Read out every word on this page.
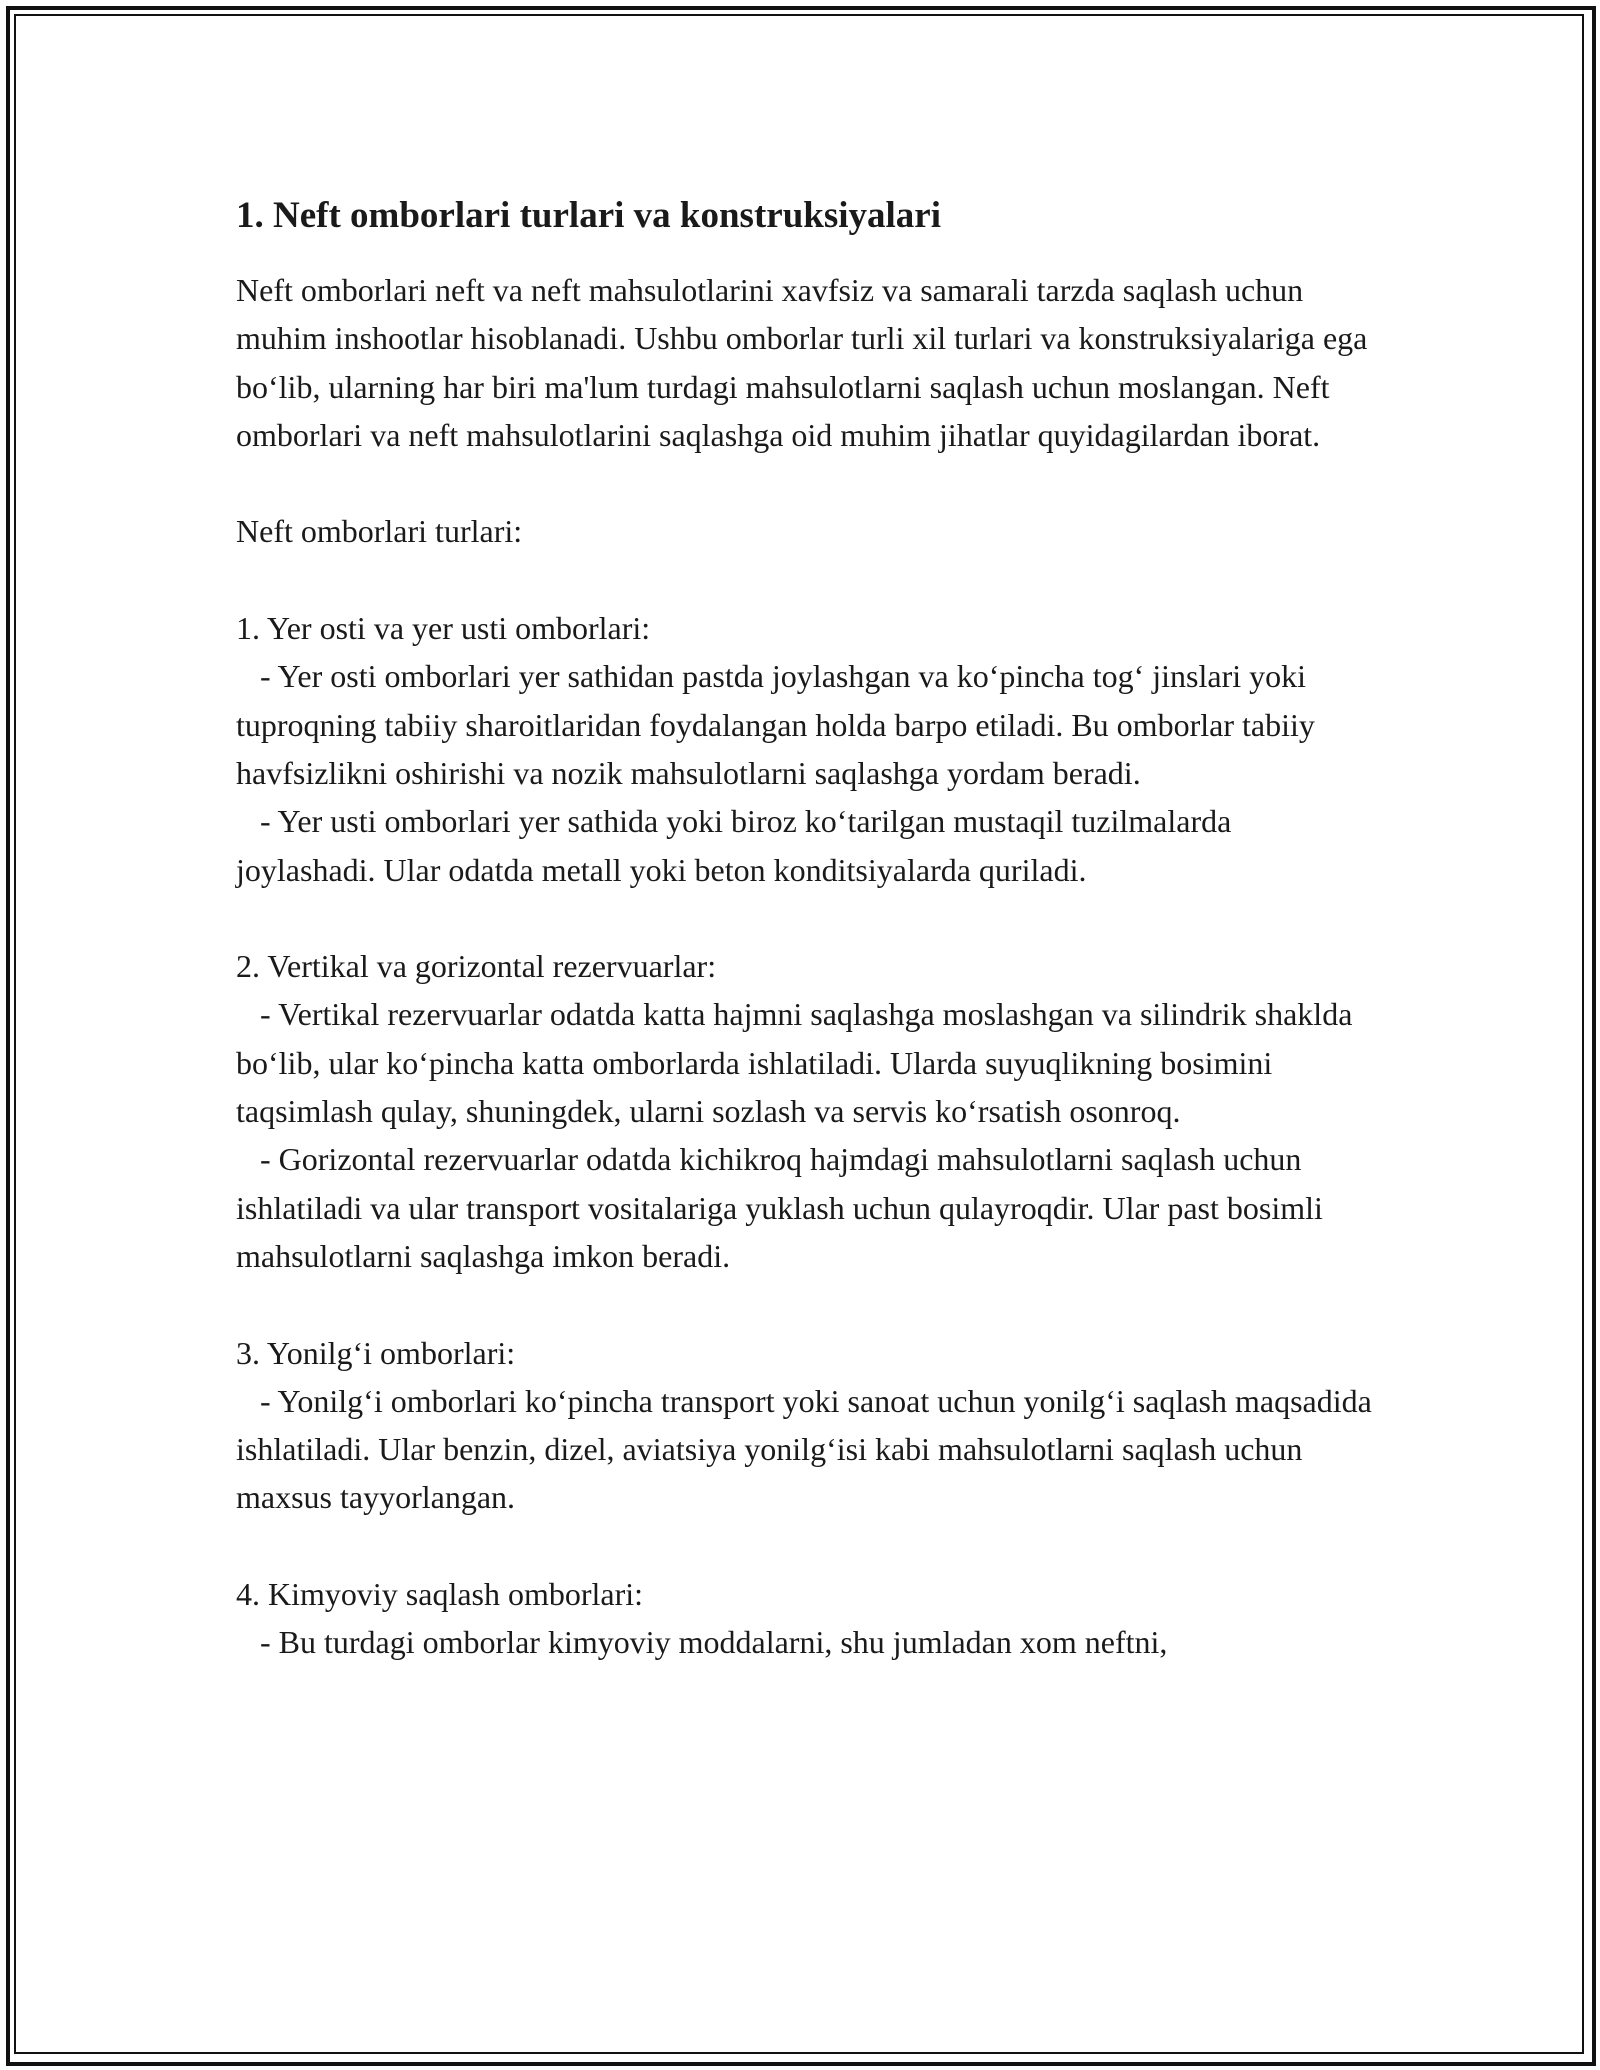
1. Neft omborlari turlari va konstruksiyalari

Neft omborlari neft va neft mahsulotlarini xavfsiz va samarali tarzda saqlash uchun muhim inshootlar hisoblanadi. Ushbu omborlar turli xil turlari va konstruksiyalariga ega bo‘lib, ularning har biri ma'lum turdagi mahsulotlarni saqlash uchun moslangan. Neft omborlari va neft mahsulotlarini saqlashga oid muhim jihatlar quyidagilardan iborat.

Neft omborlari turlari:

1. Yer osti va yer usti omborlari:

- Yer osti omborlari yer sathidan pastda joylashgan va ko‘pincha tog‘ jinslari yoki tuproqning tabiiy sharoitlaridan foydalangan holda barpo etiladi. Bu omborlar tabiiy havfsizlikni oshirishi va nozik mahsulotlarni saqlashga yordam beradi.

- Yer usti omborlari yer sathida yoki biroz ko‘tarilgan mustaqil tuzilmalarda joylashadi. Ular odatda metall yoki beton konditsiyalarda quriladi.

2. Vertikal va gorizontal rezervuarlar:

- Vertikal rezervuarlar odatda katta hajmni saqlashga moslashgan va silindrik shaklda bo‘lib, ular ko‘pincha katta omborlarda ishlatiladi. Ularda suyuqlikning bosimini taqsimlash qulay, shuningdek, ularni sozlash va servis ko‘rsatish osonroq.

- Gorizontal rezervuarlar odatda kichikroq hajmdagi mahsulotlarni saqlash uchun ishlatiladi va ular transport vositalariga yuklash uchun qulayroqdir. Ular past bosimli mahsulotlarni saqlashga imkon beradi.

3. Yonilg‘i omborlari:

- Yonilg‘i omborlari ko‘pincha transport yoki sanoat uchun yonilg‘i saqlash maqsadida ishlatiladi. Ular benzin, dizel, aviatsiya yonilg‘isi kabi mahsulotlarni saqlash uchun maxsus tayyorlangan.

4. Kimyoviy saqlash omborlari:

- Bu turdagi omborlar kimyoviy moddalarni, shu jumladan xom neftni,
